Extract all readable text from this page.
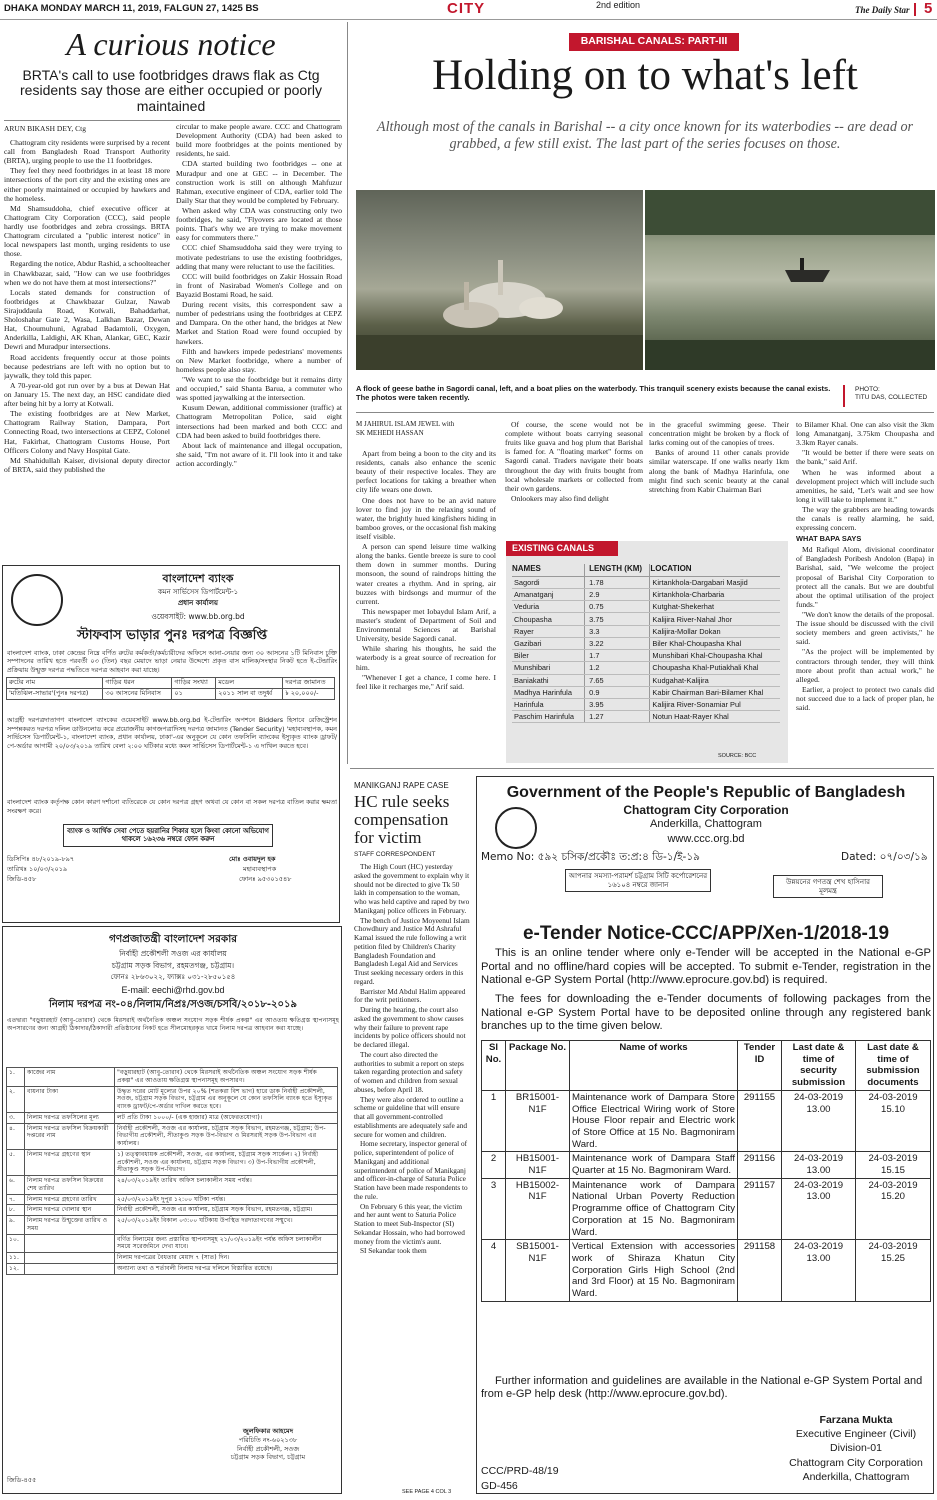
DHAKA MONDAY MARCH 11, 2019, FALGUN 27, 1425 BS	CITY	2nd edition	The Daily Star 5
A curious notice
BRTA's call to use footbridges draws flak as Ctg residents say those are either occupied or poorly maintained
ARUN BIKASH DEY, Ctg

Chattogram city residents were surprised by a recent call from Bangladesh Road Transport Authority (BRTA), urging people to use the 11 footbridges.

They feel they need footbridges in at least 18 more intersections of the port city and the existing ones are either poorly maintained or occupied by hawkers and the homeless.

Md Shamsuddoha, chief executive officer at Chattogram City Corporation (CCC), said people hardly use footbridges and zebra crossings. BRTA Chattogram circulated a "public interest notice" in local newspapers last month, urging residents to use those.

Regarding the notice, Abdur Rashid, a schoolteacher in Chawkbazar, said, "How can we use footbridges when we do not have them at most intersections?"

Locals stated demands for construction of footbridges at Chawkbazar Gulzar, Nawab Sirajuddaula Road, Kotwali, Bahaddarhat, Sholoshahar Gate 2, Wasa, Lalkhan Bazar, Dewan Hat, Choumuhuni, Agrabad Badamtoli, Oxygen, Anderkilla, Laldighi, AK Khan, Alankar, GEC, Kazir Dewri and Muradpur intersections.

Road accidents frequently occur at those points because pedestrians are left with no option but to jaywalk, they told this paper.

A 70-year-old got run over by a bus at Dewan Hat on January 15. The next day, an HSC candidate died after being hit by a lorry at Kotwali.

The existing footbridges are at New Market, Chattogram Railway Station, Dampara, Port Connecting Road, two intersections at CEPZ, Colonel Hat, Fakirhat, Chattogram Customs House, Port Officers Colony and Navy Hospital Gate.

Md Shahidullah Kaiser, divisional deputy director of BRTA, said they published the

circular to make people aware. CCC and Chattogram Development Authority (CDA) had been asked to build more footbridges at the points mentioned by residents, he said.

CDA started building two footbridges -- one at Muradpur and one at GEC -- in December. The construction work is still on although Mahfuzur Rahman, executive engineer of CDA, earlier told The Daily Star that they would be completed by February.

When asked why CDA was constructing only two footbridges, he said, "Flyovers are located at those points. That's why we are trying to make movement easy for commuters there."

CCC chief Shamsuddoha said they were trying to motivate pedestrians to use the existing footbridges, adding that many were reluctant to use the facilities.

CCC will build footbridges on Zakir Hossain Road in front of Nasirabad Women's College and on Bayazid Bostami Road, he said.

During recent visits, this correspondent saw a number of pedestrians using the footbridges at CEPZ and Dampara. On the other hand, the bridges at New Market and Station Road were found occupied by hawkers.

Filth and hawkers impede pedestrians' movements on New Market footbridge, where a number of homeless people also stay.

"We want to use the footbridge but it remains dirty and occupied," said Shanta Barua, a commuter who was spotted jaywalking at the intersection.

Kusum Dewan, additional commissioner (traffic) at Chattogram Metropolitan Police, said eight intersections had been marked and both CCC and CDA had been asked to build footbridges there.

About lack of maintenance and illegal occupation, she said, "I'm not aware of it. I'll look into it and take action accordingly."

BARISHAL CANALS: PART-III
Holding on to what's left
Although most of the canals in Barishal -- a city once known for its waterbodies -- are dead or grabbed, a few still exist. The last part of the series focuses on those.
A flock of geese bathe in Sagordi canal, left, and a boat plies on the waterbody. This tranquil scenery exists because the canal exists. The photos were taken recently.
PHOTO:
TITU DAS, COLLECTED
M JAHIRUL ISLAM JEWEL with
SK MEHEDI HASSAN

Apart from being a boon to the city and its residents, canals also enhance the scenic beauty of their respective locales. They are perfect locations for taking a breather when city life wears one down.

One does not have to be an avid nature lover to find joy in the relaxing sound of water, the brightly hued kingfishers hiding in bamboo groves, or the occasional fish making itself visible.

A person can spend leisure time walking along the banks. Gentle breeze is sure to cool them down in summer months. During monsoon, the sound of raindrops hitting the water creates a rhythm. And in spring, air buzzes with birdsongs and murmur of the current.

This newspaper met Iobaydul Islam Arif, a master's student of Department of Soil and Environmental Sciences at Barishal University, beside Sagordi canal.

While sharing his thoughts, he said the waterbody is a great source of recreation for him.

"Whenever I get a chance, I come here. I feel like it recharges me," Arif said.

Of course, the scene would not be complete without boats carrying seasonal fruits like guava and hog plum that Barishal is famed for. A "floating market" forms on Sagordi canal. Traders navigate their boats throughout the day with fruits bought from local wholesale markets or collected from their own gardens.

Onlookers may also find delight

in the graceful swimming geese. Their concentration might be broken by a flock of larks coming out of the canopies of trees.

Banks of around 11 other canals provide similar waterscape. If one walks nearly 1km along the bank of Madhya Harinfula, one might find such scenic beauty at the canal stretching from Kabir Chairman Bari

to Bilamer Khal. One can also visit the 3km long Amanatganj, 3.75km Choupasha and 3.3km Rayer canals.

"It would be better if there were seats on the bank," said Arif.

When he was informed about a development project which will include such amenities, he said, "Let's wait and see how long it will take to implement it."

The way the grabbers are heading towards the canals is really alarming, he said, expressing concern.

WHAT BAPA SAYS

Md Rafiqul Alom, divisional coordinator of Bangladesh Poribesh Andolon (Bapa) in Barishal, said, "We welcome the project proposal of Barishal City Corporation to protect all the canals. But we are doubtful about the optimal utilisation of the project funds."

"We don't know the details of the proposal. The issue should be discussed with the civil society members and green activists," he said.

"As the project will be implemented by contractors through tender, they will think more about profit than actual work," he alleged.

Earlier, a project to protect two canals did not succeed due to a lack of proper plan, he said.

EXISTING CANALS
NAMES	LENGTH (KM)	LOCATION
Sagordi	1.78	Kirtankhola-Dargabari Masjid
Amanatganj	2.9	Kirtankhola-Charbaria
Veduria	0.75	Kutghat-Shekerhat
Choupasha	3.75	Kalijira River-Nahal Jhor
Rayer	3.3	Kalijira-Mollar Dokan
Gazibari	3.22	Biler Khal-Choupasha Khal
Biler	1.7	Munshibari Khal-Choupasha Khal
Munshibari	1.2	Choupasha Khal-Putiakhali Khal
Baniakathi	7.65	Kudgahat-Kalijira
Madhya Harinfula	0.9	Kabir Chairman Bari-Bilamer Khal
Harinfula	3.95	Kalijira River-Sonamiar Pul
Paschim Harinfula	1.27	Notun Haat-Rayer Khal
SOURCE: BCC
MANIKGANJ RAPE CASE
HC rule seeks compensation for victim
STAFF CORRESPONDENT

The High Court (HC) yesterday asked the government to explain why it should not be directed to give Tk 50 lakh in compensation to the woman, who was held captive and raped by two Manikganj police officers in February.

The bench of Justice Moyeenul Islam Chowdhury and Justice Md Ashraful Kamal issued the rule following a writ petition filed by Children's Charity Bangladesh Foundation and Bangladesh Legal Aid and Services Trust seeking necessary orders in this regard.

Barrister Md Abdul Halim appeared for the writ petitioners.

During the hearing, the court also asked the government to show causes why their failure to prevent rape incidents by police officers should not be declared illegal.

The court also directed the authorities to submit a report on steps taken regarding protection and safety of women and children from sexual abuses, before April 18.

They were also ordered to outline a scheme or guideline that will ensure that all government-controlled establishments are adequately safe and secure for women and children.

Home secretary, inspector general of police, superintendent of police of Manikganj and additional superintendent of police of Manikganj and officer-in-charge of Saturia Police Station have been made respondents to the rule.

On February 6 this year, the victim and her aunt went to Saturia Police Station to meet Sub-Inspector (SI) Sekandar Hossain, who had borrowed money from the victim's aunt.

SI Sekandar took them

SEE PAGE 4 COL 3
বাংলাদেশ ব্যাংক
কমন সার্ভিসেস ডিপার্টমেন্ট-১
প্রধান কার্যালয়
ওয়েবসাইট: www.bb.org.bd
স্টাফবাস ভাড়ার পুনঃ দরপত্র বিজ্ঞপ্তি
বাংলাদেশ ব্যাংক, ঢাকা কেন্দ্রের নিম্নে বর্ণিত রুটের কর্মকর্তা/কর্মচারীদের অফিসে আনা-নেয়ার জন্য ৩০ আসনের ১টি মিনিবাস চুক্তি সম্পাদনের তারিখ হতে পরবর্তী ০৩ (তিন) বছর মেয়াদে ভাড়া নেয়ার উদ্দেশ্যে প্রকৃত বাস মালিক/সংস্থার নিকট হতে ই-টেন্ডারিং প্রক্রিয়ায় উন্মুক্ত দরপত্র পদ্ধতিতে দরপত্র আহবান করা যাচ্ছে।
রুটের নাম	গাড়ির ধরন	গাড়ির সংখ্যা	মডেল	দরপত্র জামানত
'মতিঝিল-সাভার'(পুনঃ দরপত্র)	৩০ আসনের মিনিবাস	০১	২০১১ সাল বা তদুর্ধ্ব	৳ ২০,০০০/-
আগ্রহী দরপত্রদাতাগণ বাংলাদেশ ব্যাংকের ওয়েবসাইট www.bb.org.bd ই-টেন্ডারিং অপশনে Bidders হিসাবে রেজিস্ট্রেশন সম্পন্নকরত দরপত্র দলিল ডাউনলোড করে প্রয়োজনীয় কাগজপত্রাদিসহ দরপত্র জামানত (Tender Security) 'মহাব্যবস্থাপক, কমন সার্ভিসেস ডিপার্টমেন্ট-১, বাংলাদেশ ব্যাংক, প্রধান কার্যালয়, ঢাকা'-এর অনুকূলে যে কোন তফসিলি ব্যাংকের ইস্যুকৃত ব্যাংক ড্রাফট/পে-অর্ডার আগামী ২০/০৩/২০১৯ তারিখ বেলা ২:০০ ঘটিকার মধ্যে কমন সার্ভিসেস ডিপার্টমেন্ট-১ এ দাখিল করতে হবে।
বাংলাদেশ ব্যাংক কর্তৃপক্ষ কোন কারণ দর্শানো ব্যতিরেকে যে কোন দরপত্র গ্রহণ অথবা যে কোন বা সকল দরপত্র বাতিল করার ক্ষমতা সংরক্ষণ করে।
ব্যাংক ও আর্থিক সেবা পেতে হয়রানির শিকার হলে কিংবা কোনো অভিযোগ থাকলে ১৬২৩৬ নম্বরে ফোন করুন
ডিসিপিঃ ৪৮/২০১৯-৮৯৭
তারিখঃ ১০/০৩/২০১৯
জিডি-৪৫৮
মোঃ ওবায়দুল হক
মহাব্যবস্থাপক
ফোনঃ ৯৫৩০১৫৪৮
গণপ্রজাতন্ত্রী বাংলাদেশ সরকার
নির্বাহী প্রকৌশলী সওজ এর কার্যালয়
চট্টগ্রাম সড়ক বিভাগ, রহমতগঞ্জ, চট্টগ্রাম।
ফোনঃ ২৮৬৩০২২, ফ্যাক্সঃ ০৩১-২৮৫০১৫৪
E-mail: eechi@rhd.gov.bd
নিলাম দরপত্র নং-০৪/নিলাম/নিপ্রঃ/সওজ/চসবি/২০১৮-২০১৯
এতদ্বারা "বড়ুয়ারহাট (আবু-তোরাব) থেকে মিরসরাই অর্থনৈতিক অঞ্চল সংযোগ সড়ক শীর্ষক প্রকল্প" এর আওতায় ক্ষতিগ্রস্ত স্থাপনাসমূহ অপসারণের জন্য আগ্রহী ঠিকাদার/ঠিকাদারী প্রতিষ্ঠানের নিকট হতে সীলমোহরকৃত খামে নিলাম দরপত্র আহবান করা যাচ্ছে।
১.	কাজের নাম	"বড়ুয়ারহাট (আবু-তোরাব) থেকে মিরসরাই অর্থনৈতিক অঞ্চল সংযোগ সড়ক শীর্ষক প্রকল্প" এর আওতায় ক্ষতিগ্রস্ত স্থাপনাসমূহ অপসারণ।
২.	বায়নার টাকা	উদ্ধৃত দরের মোট মূল্যের উপর ২০% (শতকরা বিশ ভাগ) হারে ডাক নির্বাহী প্রকৌশলী, সওজ, চট্টগ্রাম সড়ক বিভাগ, চট্টগ্রাম এর অনুকূলে যে কোন তফসিলি ব্যাংক হতে ইস্যুকৃত ব্যাংক ড্রাফট/পে-অর্ডার দাখিল করতে হবে।
৩.	নিলাম দরপত্র তফসিলের মূল্য	লট প্রতি টাকা ১০০০/- (এক হাজার) মাত্র (অফেরতযোগ্য)।
৪.	নিলাম দরপত্র তফসিল বিক্রয়কারী দপ্তরের নাম	নির্বাহী প্রকৌশলী, সওজ এর কার্যালয়, চট্টগ্রাম সড়ক বিভাগ, রহমতগঞ্জ, চট্টগ্রাম; উপ-বিভাগীয় প্রকৌশলী, সীতাকুণ্ড সড়ক উপ-বিভাগ ও মিরসরাই সড়ক উপ-বিভাগ এর কার্যালয়।
৫.	নিলাম দরপত্র গ্রহণের স্থান	১) তত্ত্বাবধায়ক প্রকৌশলী, সওজ, এর কার্যালয়, চট্টগ্রাম সড়ক সার্কেল। ২) নির্বাহী প্রকৌশলী, সওজ এর কার্যালয়, চট্টগ্রাম সড়ক বিভাগ। ৩) উপ-বিভাগীয় প্রকৌশলী, সীতাকুণ্ড সড়ক উপ-বিভাগ।
৬.	নিলাম দরপত্র তফসিল বিক্রয়ের শেষ তারিখ	২৪/০৩/২০১৯ইং তারিখ অফিস চলাকালীন সময় পর্যন্ত।
৭.	নিলাম দরপত্র গ্রহণের তারিখ	২৫/০৩/২০১৯ইং দুপুর ১২:০০ ঘটিকা পর্যন্ত।
৮.	নিলাম দরপত্র খোলার স্থান	নির্বাহী প্রকৌশলী, সওজ এর কার্যালয়, চট্টগ্রাম সড়ক বিভাগ, রহমতগঞ্জ, চট্টগ্রাম।
৯.	নিলাম দরপত্র উন্মুক্তের তারিখ ও সময়	২৫/০৩/২০১৯ইং বিকাল ০৩:০০ ঘটিকায় উপস্থিত দরদাতাগণের সম্মুখে।
১০.		বর্ণিত নিলামের জন্য প্রস্তাবিত স্থাপনাসমূহ ২১/০৩/২০১৯ইং পর্যন্ত অফিস চলাকালীন সময়ে সরেজমিনে দেখা যাবে।
১১.		নিলাম দরপত্রের বৈধতার মেয়াদ ৭ (সাত) দিন।
১২.		অন্যান্য তথ্য ও শর্তাবলী নিলাম দরপত্র দলিলে বিস্তারিত রয়েছে।
জুলফিকার আহমেদ
পরিচিতি নং-৬০২১৩৮
নির্বাহী প্রকৌশলী, সওজ
চট্টগ্রাম সড়ক বিভাগ, চট্টগ্রাম
জিডি-৪৫৫
Government of the People's Republic of Bangladesh
Chattogram City Corporation
Anderkilla, Chattogram
www.ccc.org.bd
Memo No: ৫৯২ চসিক/প্রকৌঃ ত:প্র:৪ ডি-১/ই-১৯	Dated: ০৭/০৩/১৯
আপনার সমস্যা-পরামর্শ চট্টগ্রাম সিটি কর্পোরেশনের ১৬১০৪ নম্বরে জানান	উন্নয়নের গণতন্ত্র শেখ হাসিনার মূলমন্ত্র
e-Tender Notice-CCC/APP/Xen-1/2018-19
This is an online tender where only e-Tender will be accepted in the National e-GP Portal and no offline/hard copies will be accepted. To submit e-Tender, registration in the National e-GP System Portal (http://www.eprocure.gov.bd) is required.
The fees for downloading the e-Tender documents of following packages from the National e-GP System Portal have to be deposited online through any registered bank branches up to the time given below.
Sl No.	Package No.	Name of works	Tender ID	Last date & time of security submission	Last date & time of submission documents
1	BR15001-N1F	Maintenance work of Dampara Store Office Electrical Wiring work of Store House Floor repair and Electric work of Store Office at 15 No. Bagmoniram Ward.	291155	24-03-2019 13.00	24-03-2019 15.10
2	HB15001-N1F	Maintenance work of Dampara Staff Quarter at 15 No. Bagmoniram Ward.	291156	24-03-2019 13.00	24-03-2019 15.15
3	HB15002-N1F	Maintenance work of Dampara National Urban Poverty Reduction Programme office of Chattogram City Corporation at 15 No. Bagmoniram Ward.	291157	24-03-2019 13.00	24-03-2019 15.20
4	SB15001-N1F	Vertical Extension with accessories work of Shiraza Khatun City Corporation Girls High School (2nd and 3rd Floor) at 15 No. Bagmoniram Ward.	291158	24-03-2019 13.00	24-03-2019 15.25
Further information and guidelines are available in the National e-GP System Portal and from e-GP help desk (http://www.eprocure.gov.bd).
Farzana Mukta
Executive Engineer (Civil)
Division-01
Chattogram City Corporation
Anderkilla, Chattogram
CCC/PRD-48/19
GD-456
